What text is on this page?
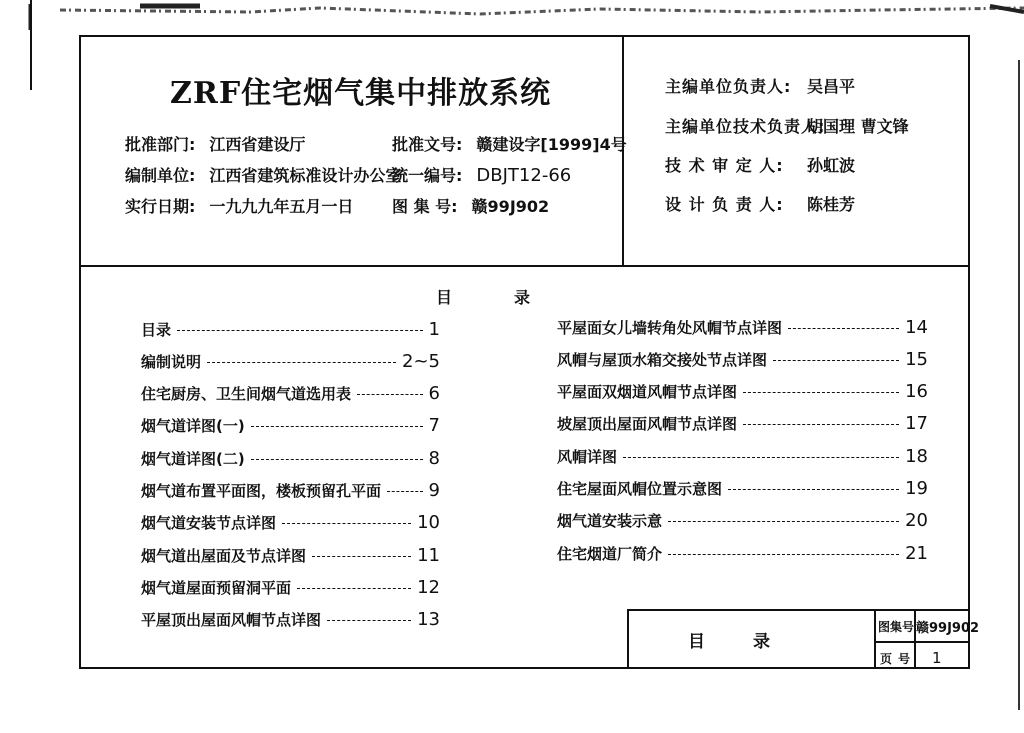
ZRF住宅烟气集中排放系统
批准部门: 江西省建设厅
编制单位: 江西省建筑标准设计办公室
实行日期: 一九九九年五月一日
批准文号: 赣建设字[1999]4号
统一编号: DBJT12-66
图 集 号: 赣99J902
主编单位负责人: 吴昌平
主编单位技术负责人:胡国理 曹文锋
技 术 审 定 人: 孙虹波
设 计 负 责 人: 陈桂芳
目录
目录	1
编制说明	2~5
住宅厨房、卫生间烟气道选用表	6
烟气道详图(一)	7
烟气道详图(二)	8
烟气道布置平面图，楼板预留孔平面	9
烟气道安装节点详图	10
烟气道出屋面及节点详图	11
烟气道屋面预留洞平面	12
平屋顶出屋面风帽节点详图	13
平屋面女儿墙转角处风帽节点详图	14
风帽与屋顶水箱交接处节点详图	15
平屋面双烟道风帽节点详图	16
坡屋顶出屋面风帽节点详图	17
风帽详图	18
住宅屋面风帽位置示意图	19
烟气道安装示意	20
住宅烟道厂简介	21
目录
图集号 赣99J902
页号 1
